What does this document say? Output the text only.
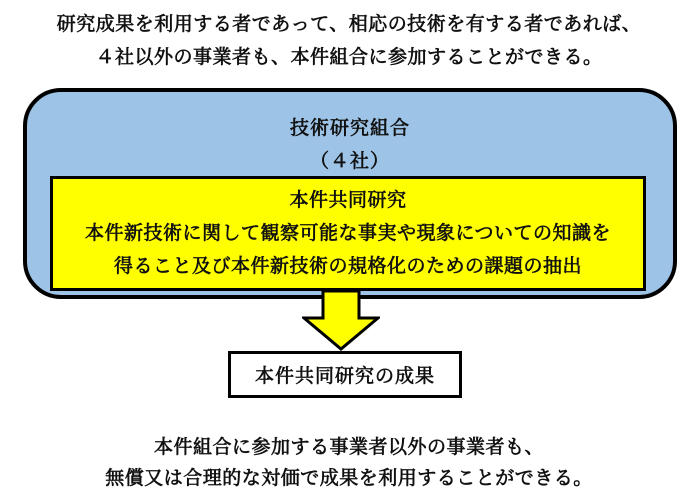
研究成果を利用する者であって、相応の技術を有する者であれば、
４社以外の事業者も、本件組合に参加することができる。
技術研究組合
（４社）
本件共同研究
本件新技術に関して観察可能な事実や現象についての知識を
得ること及び本件新技術の規格化のための課題の抽出
本件共同研究の成果
本件組合に参加する事業者以外の事業者も、
無償又は合理的な対価で成果を利用することができる。
